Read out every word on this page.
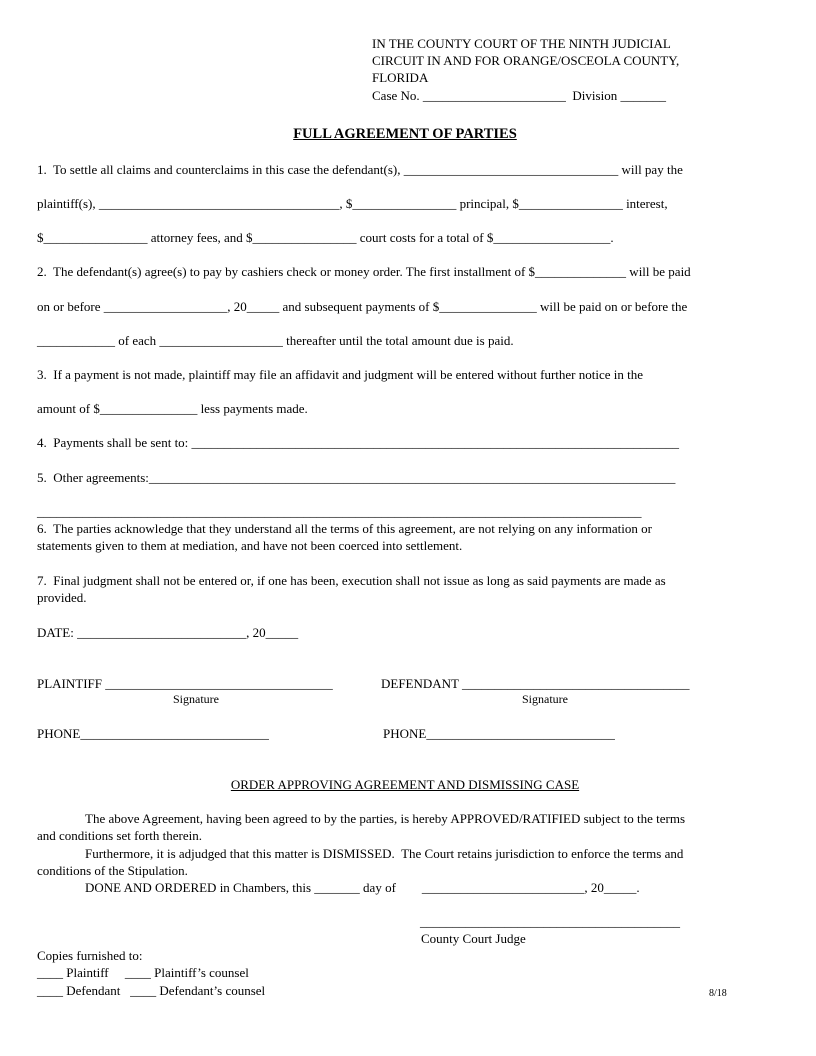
IN THE COUNTY COURT OF THE NINTH JUDICIAL
CIRCUIT IN AND FOR ORANGE/OSCEOLA COUNTY,
FLORIDA
Case No. ______________________  Division _______
FULL AGREEMENT OF PARTIES
1.  To settle all claims and counterclaims in this case the defendant(s), _________________________________ will pay the
plaintiff(s), _____________________________________, $________________ principal, $________________ interest,
$________________ attorney fees, and $________________ court costs for a total of $__________________.
2.  The defendant(s) agree(s) to pay by cashiers check or money order. The first installment of $______________ will be paid
on or before ___________________, 20_____ and subsequent payments of $_______________ will be paid on or before the
____________ of each ___________________ thereafter until the total amount due is paid.
3.  If a payment is not made, plaintiff may file an affidavit and judgment will be entered without further notice in the
amount of $_______________ less payments made.
4.  Payments shall be sent to: ___________________________________________________________________________
5.  Other agreements:_________________________________________________________________________________
_____________________________________________________________________________________________
6.  The parties acknowledge that they understand all the terms of this agreement, are not relying on any information or
statements given to them at mediation, and have not been coerced into settlement.
7.  Final judgment shall not be entered or, if one has been, execution shall not issue as long as said payments are made as
provided.
DATE: __________________________, 20_____
PLAINTIFF ___________________________________
Signature
DEFENDANT ___________________________________
Signature
PHONE_____________________________	PHONE_____________________________
ORDER APPROVING AGREEMENT AND DISMISSING CASE
The above Agreement, having been agreed to by the parties, is hereby APPROVED/RATIFIED subject to the terms
and conditions set forth therein.
Furthermore, it is adjudged that this matter is DISMISSED.  The Court retains jurisdiction to enforce the terms and
conditions of the Stipulation.
DONE AND ORDERED in Chambers, this _______ day of        _________________________, 20_____.
________________________________________
County Court Judge
Copies furnished to:
____ Plaintiff     ____ Plaintiff’s counsel
____ Defendant   ____ Defendant’s counsel	8/18
